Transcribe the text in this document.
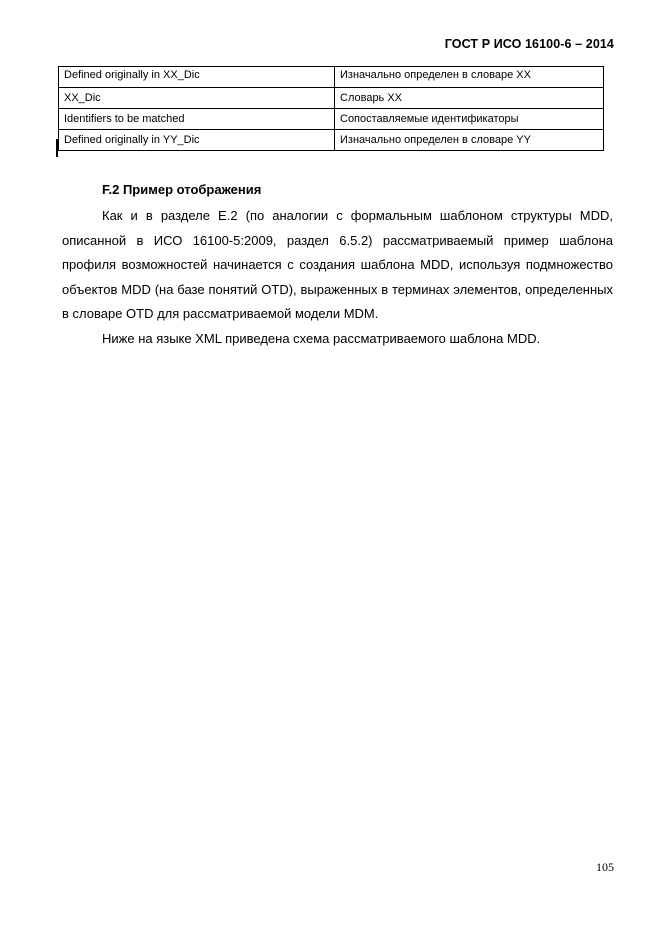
ГОСТ Р ИСО 16100-6 – 2014
Defined originally in XX_Dic	Изначально определен в словаре XX
XX_Dic	Словарь XX
Identifiers to be matched	Сопоставляемые идентификаторы
Defined originally in YY_Dic	Изначально определен в словаре YY
F.2 Пример отображения

Как и в разделе E.2 (по аналогии с формальным шаблоном структуры MDD, описанной в ИСО 16100-5:2009, раздел 6.5.2) рассматриваемый пример шаблона профиля возможностей начинается с создания шаблона MDD, используя подмножество объектов MDD (на базе понятий OTD), выраженных в терминах элементов, определенных в словаре OTD для рассматриваемой модели MDM.

Ниже на языке XML приведена схема рассматриваемого шаблона MDD.

105
